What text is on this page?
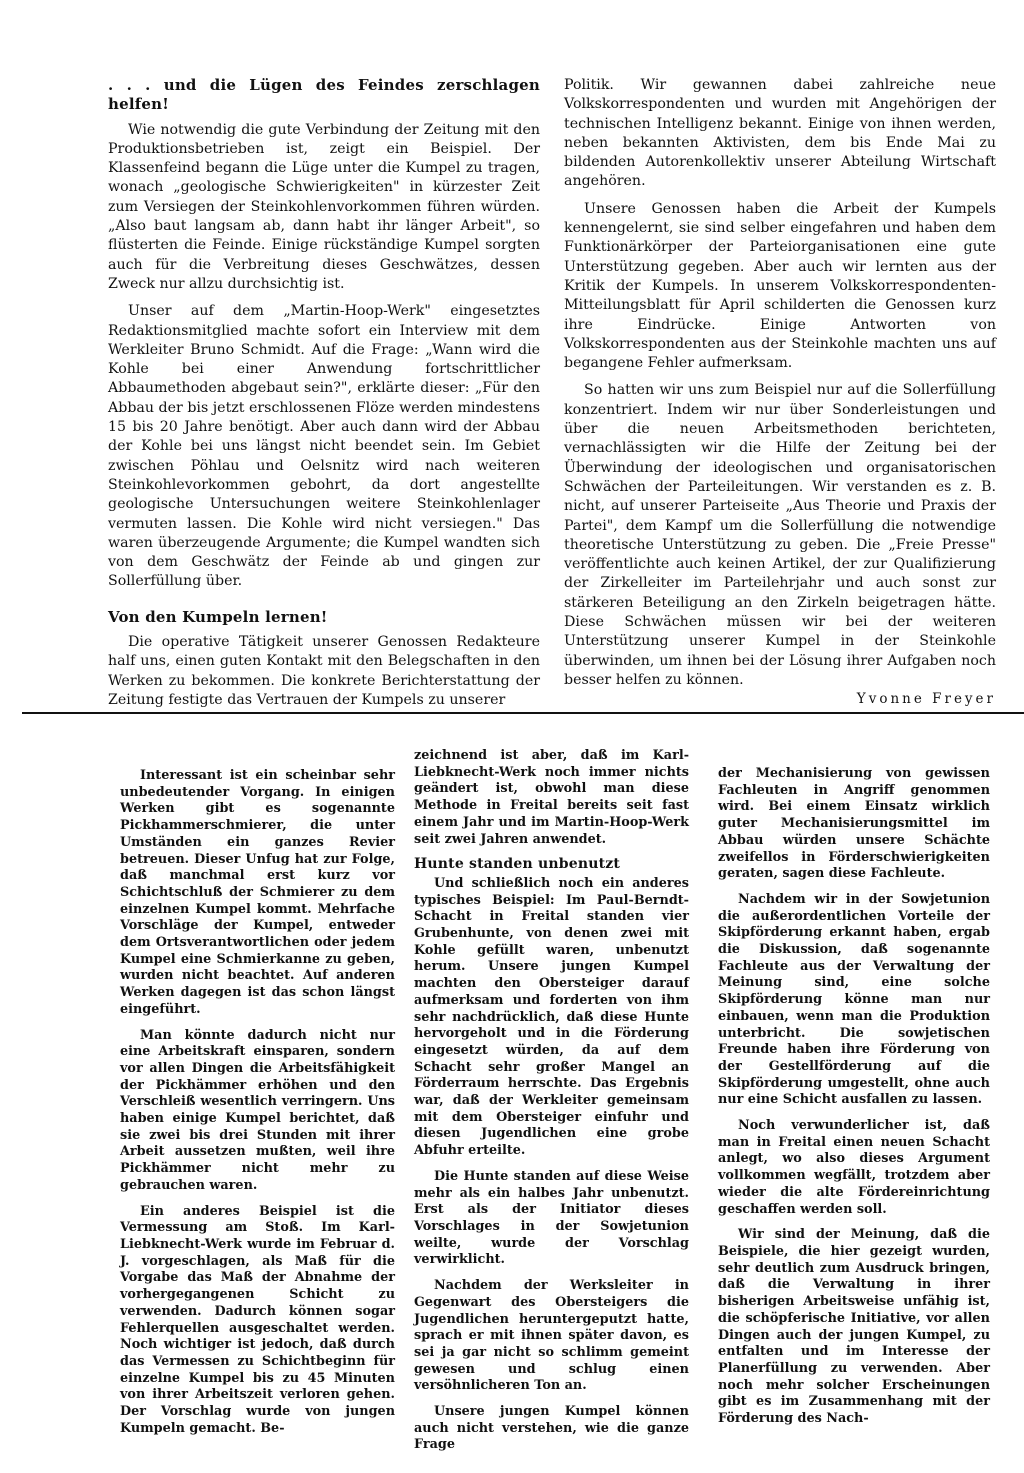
. . . und die Lügen des Feindes zerschlagen helfen!

Wie notwendig die gute Verbindung der Zeitung mit den Produktionsbetrieben ist, zeigt ein Beispiel. Der Klassenfeind begann die Lüge unter die Kumpel zu tragen, wonach „geologische Schwierigkeiten" in kürzester Zeit zum Versiegen der Steinkohlenvorkommen führen würden. „Also baut langsam ab, dann habt ihr länger Arbeit", so flüsterten die Feinde. Einige rückständige Kumpel sorgten auch für die Verbreitung dieses Geschwätzes, dessen Zweck nur allzu durchsichtig ist.

Unser auf dem „Martin-Hoop-Werk" eingesetztes Redaktionsmitglied machte sofort ein Interview mit dem Werkleiter Bruno Schmidt. Auf die Frage: „Wann wird die Kohle bei einer Anwendung fortschrittlicher Abbaumethoden abgebaut sein?", erklärte dieser: „Für den Abbau der bis jetzt erschlossenen Flöze werden mindestens 15 bis 20 Jahre benötigt. Aber auch dann wird der Abbau der Kohle bei uns längst nicht beendet sein. Im Gebiet zwischen Pöhlau und Oelsnitz wird nach weiteren Steinkohlevorkommen gebohrt, da dort angestellte geologische Untersuchungen weitere Steinkohlenlager vermuten lassen. Die Kohle wird nicht versiegen." Das waren überzeugende Argumente; die Kumpel wandten sich von dem Geschwätz der Feinde ab und gingen zur Sollerfüllung über.

Von den Kumpeln lernen!

Die operative Tätigkeit unserer Genossen Redakteure half uns, einen guten Kontakt mit den Belegschaften in den Werken zu bekommen. Die konkrete Berichterstattung der Zeitung festigte das Vertrauen der Kumpels zu unserer

Politik. Wir gewannen dabei zahlreiche neue Volkskorrespondenten und wurden mit Angehörigen der technischen Intelligenz bekannt. Einige von ihnen werden, neben bekannten Aktivisten, dem bis Ende Mai zu bildenden Autorenkollektiv unserer Abteilung Wirtschaft angehören.

Unsere Genossen haben die Arbeit der Kumpels kennengelernt, sie sind selber eingefahren und haben dem Funktionärkörper der Parteiorganisationen eine gute Unterstützung gegeben. Aber auch wir lernten aus der Kritik der Kumpels. In unserem Volkskorrespondenten-Mitteilungsblatt für April schilderten die Genossen kurz ihre Eindrücke. Einige Antworten von Volkskorrespondenten aus der Steinkohle machten uns auf begangene Fehler aufmerksam.

So hatten wir uns zum Beispiel nur auf die Sollerfüllung konzentriert. Indem wir nur über Sonderleistungen und über die neuen Arbeitsmethoden berichteten, vernachlässigten wir die Hilfe der Zeitung bei der Überwindung der ideologischen und organisatorischen Schwächen der Parteileitungen. Wir verstanden es z. B. nicht, auf unserer Parteiseite „Aus Theorie und Praxis der Partei", dem Kampf um die Sollerfüllung die notwendige theoretische Unterstützung zu geben. Die „Freie Presse" veröffentlichte auch keinen Artikel, der zur Qualifizierung der Zirkelleiter im Parteilehrjahr und auch sonst zur stärkeren Beteiligung an den Zirkeln beigetragen hätte. Diese Schwächen müssen wir bei der weiteren Unterstützung unserer Kumpel in der Steinkohle überwinden, um ihnen bei der Lösung ihrer Aufgaben noch besser helfen zu können.

Yvonne Freyer

Interessant ist ein scheinbar sehr unbedeutender Vorgang. In einigen Werken gibt es sogenannte Pickhammerschmierer, die unter Umständen ein ganzes Revier betreuen. Dieser Unfug hat zur Folge, daß manchmal erst kurz vor Schichtschluß der Schmierer zu dem einzelnen Kumpel kommt. Mehrfache Vorschläge der Kumpel, entweder dem Ortsverantwortlichen oder jedem Kumpel eine Schmierkanne zu geben, wurden nicht beachtet. Auf anderen Werken dagegen ist das schon längst eingeführt.

Man könnte dadurch nicht nur eine Arbeitskraft einsparen, sondern vor allen Dingen die Arbeitsfähigkeit der Pickhämmer erhöhen und den Verschleiß wesentlich verringern. Uns haben einige Kumpel berichtet, daß sie zwei bis drei Stunden mit ihrer Arbeit aussetzen mußten, weil ihre Pickhämmer nicht mehr zu gebrauchen waren.

Ein anderes Beispiel ist die Vermessung am Stoß. Im Karl-Liebknecht-Werk wurde im Februar d. J. vorgeschlagen, als Maß für die Vorgabe das Maß der Abnahme der vorhergegangenen Schicht zu verwenden. Dadurch können sogar Fehlerquellen ausgeschaltet werden. Noch wichtiger ist jedoch, daß durch das Vermessen zu Schichtbeginn für einzelne Kumpel bis zu 45 Minuten von ihrer Arbeitszeit verloren gehen. Der Vorschlag wurde von jungen Kumpeln gemacht. Be-

zeichnend ist aber, daß im Karl-Liebknecht-Werk noch immer nichts geändert ist, obwohl man diese Methode in Freital bereits seit fast einem Jahr und im Martin-Hoop-Werk seit zwei Jahren anwendet.

Hunte standen unbenutzt

Und schließlich noch ein anderes typisches Beispiel: Im Paul-Berndt-Schacht in Freital standen vier Grubenhunte, von denen zwei mit Kohle gefüllt waren, unbenutzt herum. Unsere jungen Kumpel machten den Obersteiger darauf aufmerksam und forderten von ihm sehr nachdrücklich, daß diese Hunte hervorgeholt und in die Förderung eingesetzt würden, da auf dem Schacht sehr großer Mangel an Förderraum herrschte. Das Ergebnis war, daß der Werkleiter gemeinsam mit dem Obersteiger einfuhr und diesen Jugendlichen eine grobe Abfuhr erteilte.

Die Hunte standen auf diese Weise mehr als ein halbes Jahr unbenutzt. Erst als der Initiator dieses Vorschlages in der Sowjetunion weilte, wurde der Vorschlag verwirklicht.

Nachdem der Werksleiter in Gegenwart des Obersteigers die Jugendlichen heruntergeputzt hatte, sprach er mit ihnen später davon, es sei ja gar nicht so schlimm gemeint gewesen und schlug einen versöhnlicheren Ton an.

Unsere jungen Kumpel können auch nicht verstehen, wie die ganze Frage

der Mechanisierung von gewissen Fachleuten in Angriff genommen wird. Bei einem Einsatz wirklich guter Mechanisierungsmittel im Abbau würden unsere Schächte zweifellos in Förderschwierigkeiten geraten, sagen diese Fachleute.

Nachdem wir in der Sowjetunion die außerordentlichen Vorteile der Skipförderung erkannt haben, ergab die Diskussion, daß sogenannte Fachleute aus der Verwaltung der Meinung sind, eine solche Skipförderung könne man nur einbauen, wenn man die Produktion unterbricht. Die sowjetischen Freunde haben ihre Förderung von der Gestellförderung auf die Skipförderung umgestellt, ohne auch nur eine Schicht ausfallen zu lassen.

Noch verwunderlicher ist, daß man in Freital einen neuen Schacht anlegt, wo also dieses Argument vollkommen wegfällt, trotzdem aber wieder die alte Fördereinrichtung geschaffen werden soll.

Wir sind der Meinung, daß die Beispiele, die hier gezeigt wurden, sehr deutlich zum Ausdruck bringen, daß die Verwaltung in ihrer bisherigen Arbeitsweise unfähig ist, die schöpferische Initiative, vor allen Dingen auch der jungen Kumpel, zu entfalten und im Interesse der Planerfüllung zu verwenden. Aber noch mehr solcher Erscheinungen gibt es im Zusammenhang mit der Förderung des Nach-
